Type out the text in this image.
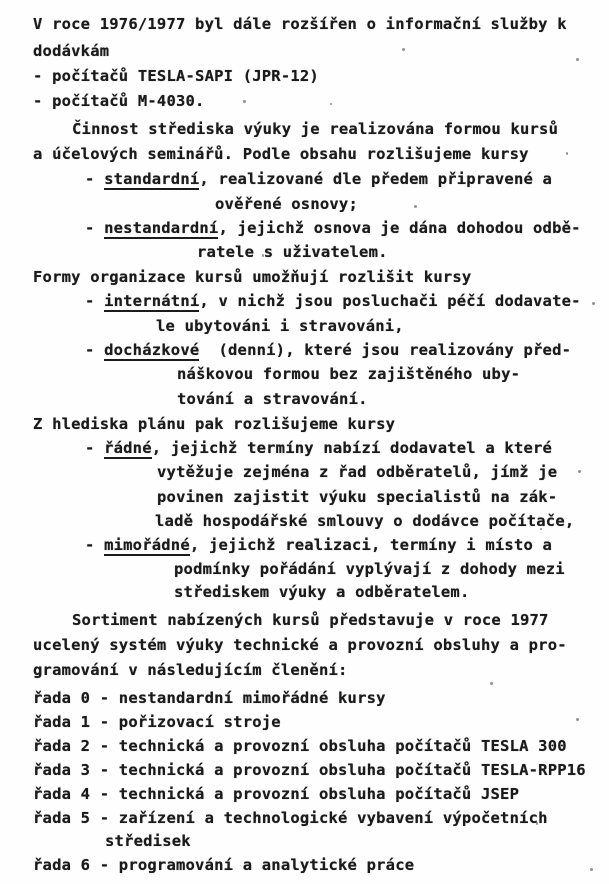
V roce 1976/1977 byl dále rozšířen o informační služby k
dodávkám
- počítačů TESLA-SAPI (JPR-12)
- počítačů M-4030.
Činnost střediska výuky je realizována formou kursů
a účelových seminářů. Podle obsahu rozlišujeme kursy
- standardní, realizované dle předem připravené a
ověřené osnovy;
- nestandardní, jejichž osnova je dána dohodou odbě-
ratele s uživatelem.
Formy organizace kursů umožňují rozlišit kursy
- internátní, v nichž jsou posluchači péčí dodavate-
le ubytováni i stravováni,
- docházkové  (denní), které jsou realizovány před-
náškovou formou bez zajištěného uby-
tování a stravování.
Z hlediska plánu pak rozlišujeme kursy
- řádné, jejichž termíny nabízí dodavatel a které
vytěžuje zejména z řad odběratelů, jímž je
povinen zajistit výuku specialistů na zák-
ladě hospodářské smlouvy o dodávce počítače,
- mimořádné, jejichž realizaci, termíny i místo a
podmínky pořádání vyplývají z dohody mezi
střediskem výuky a odběratelem.
Sortiment nabízených kursů představuje v roce 1977
ucelený systém výuky technické a provozní obsluhy a pro-
gramování v následujícím členění:
řada 0 - nestandardní mimořádné kursy
řada 1 - pořizovací stroje
řada 2 - technická a provozní obsluha počítačů TESLA 300
řada 3 - technická a provozní obsluha počítačů TESLA-RPP16
řada 4 - technická a provozní obsluha počítačů JSEP
řada 5 - zařízení a technologické vybavení výpočetních
středisek
řada 6 - programování a analytické práce
